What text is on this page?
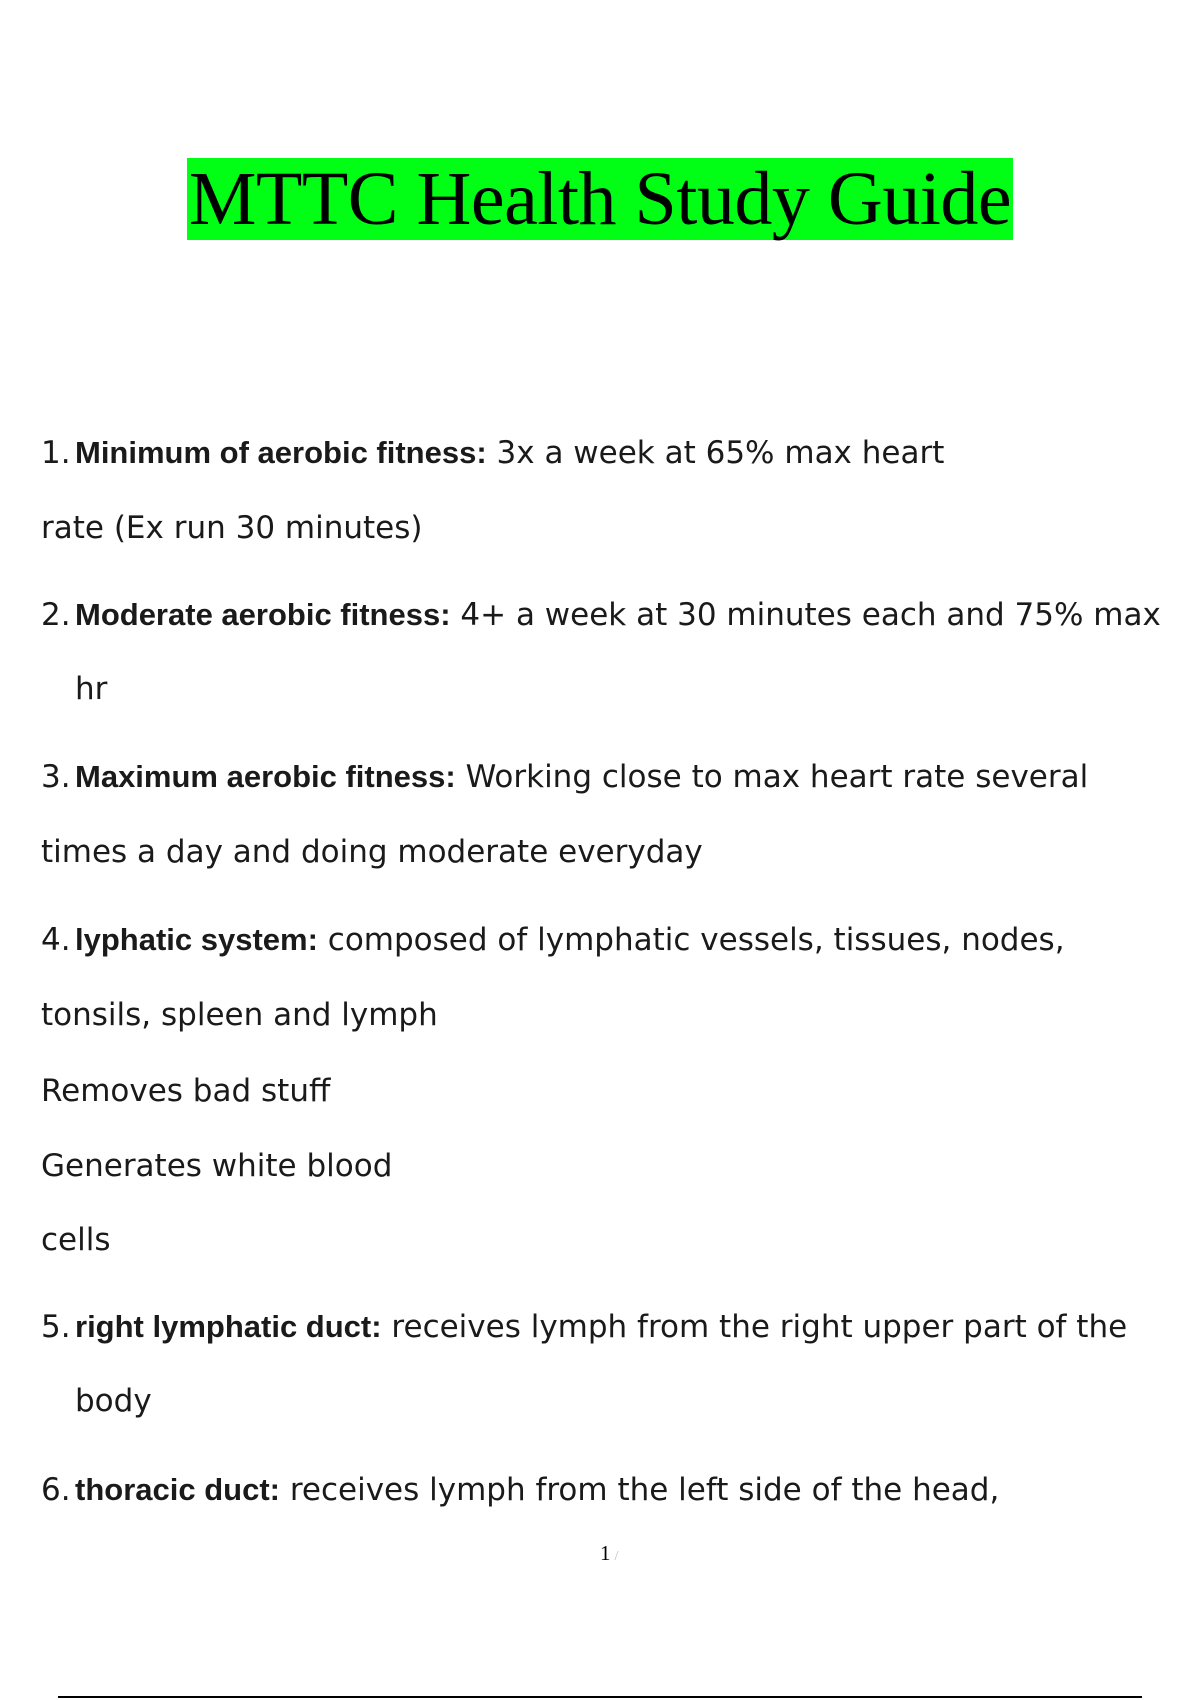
MTTC Health Study Guide
1. Minimum of aerobic fitness: 3x a week at 65% max heart
rate (Ex run 30 minutes)
2. Moderate aerobic fitness: 4+ a week at 30 minutes each and 75% max
hr
3. Maximum aerobic fitness: Working close to max heart rate several
times a day and doing moderate everyday
4. lyphatic system: composed of lymphatic vessels, tissues, nodes,
tonsils, spleen and lymph
Removes bad stuff
Generates white blood
cells
5. right lymphatic duct: receives lymph from the right upper part of the
body
6. thoracic duct: receives lymph from the left side of the head,
1 /
